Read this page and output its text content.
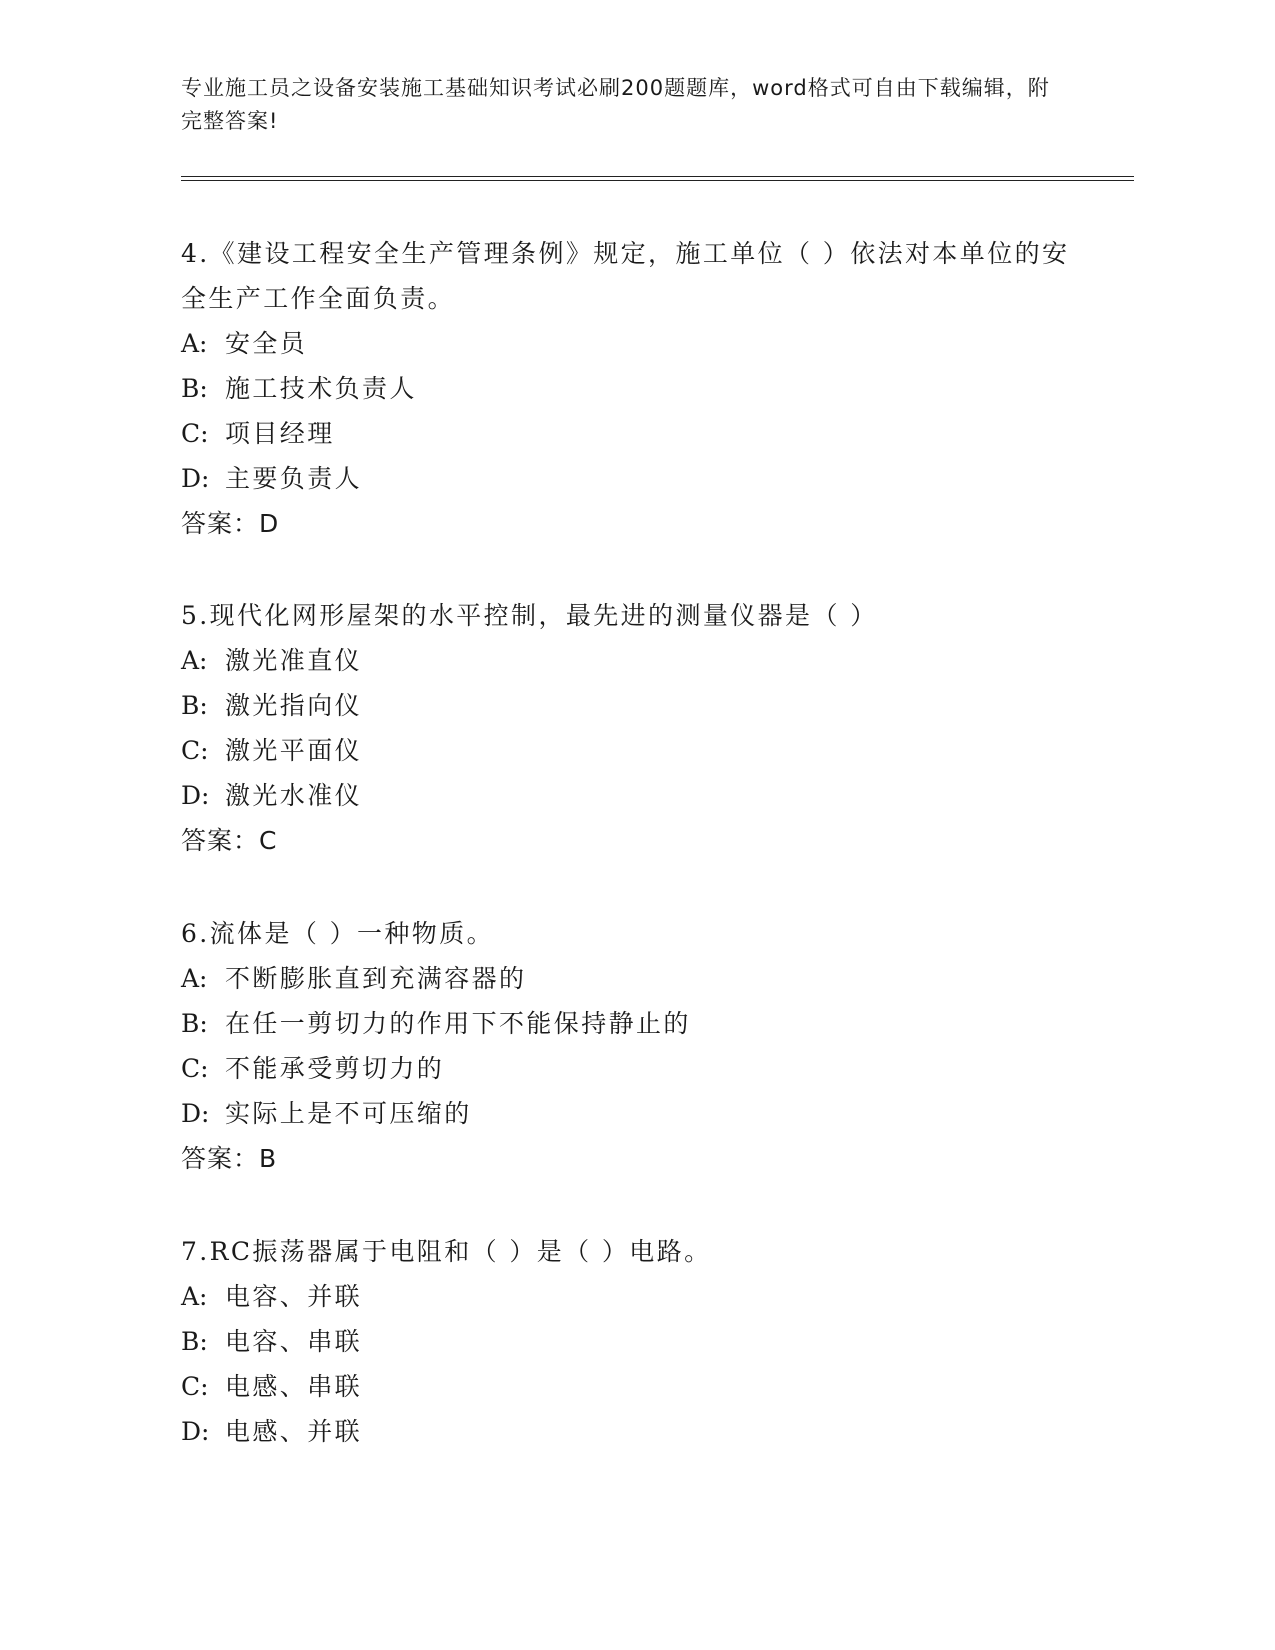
专业施工员之设备安装施工基础知识考试必刷200题题库，word格式可自由下载编辑，附完整答案!
4.《建设工程安全生产管理条例》规定，施工单位（ ）依法对本单位的安全生产工作全面负责。
A: 安全员
B: 施工技术负责人
C: 项目经理
D: 主要负责人
答案：D
5.现代化网形屋架的水平控制，最先进的测量仪器是（ ）
A: 激光准直仪
B: 激光指向仪
C: 激光平面仪
D: 激光水准仪
答案：C
6.流体是（ ）一种物质。
A: 不断膨胀直到充满容器的
B: 在任一剪切力的作用下不能保持静止的
C: 不能承受剪切力的
D: 实际上是不可压缩的
答案：B
7.RC振荡器属于电阻和（ ）是（ ）电路。
A: 电容、并联
B: 电容、串联
C: 电感、串联
D: 电感、并联
